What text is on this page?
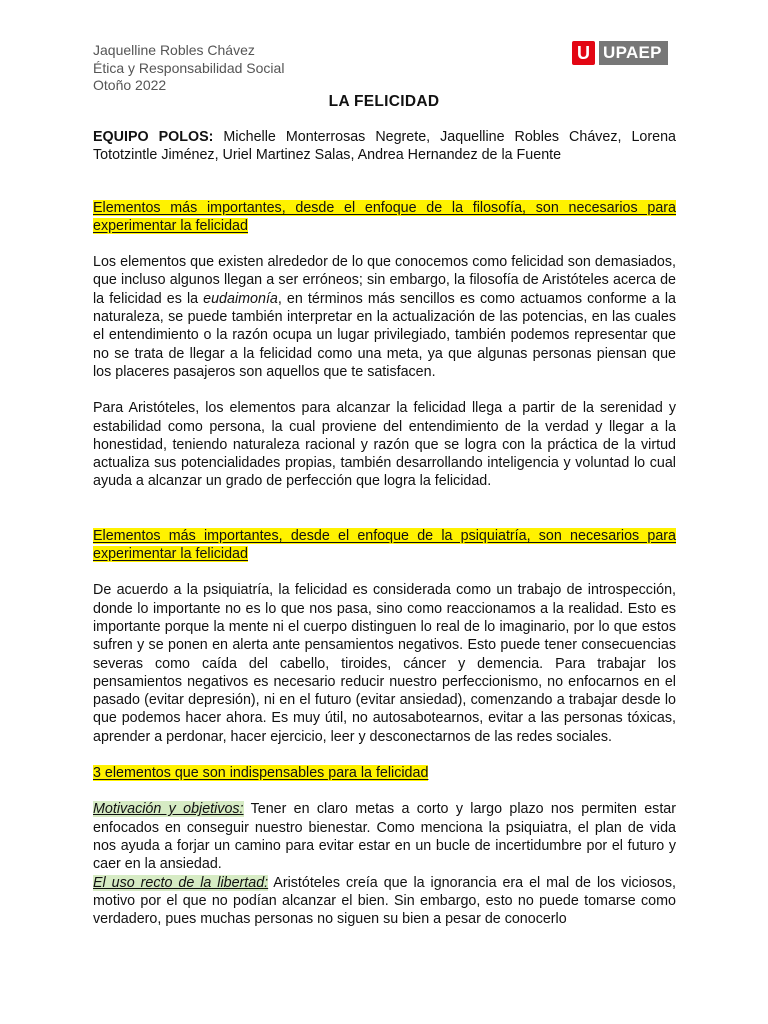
Jaquelline Robles Chávez
Ética y Responsabilidad Social
Otoño 2022
U UPAEP
LA FELICIDAD

EQUIPO POLOS: Michelle Monterrosas Negrete, Jaquelline Robles Chávez, Lorena Tototzintle Jiménez, Uriel Martinez Salas, Andrea Hernandez de la Fuente

Elementos más importantes, desde el enfoque de la filosofía, son necesarios para experimentar la felicidad

Los elementos que existen alrededor de lo que conocemos como felicidad son demasiados, que incluso algunos llegan a ser erróneos; sin embargo, la filosofía de Aristóteles acerca de la felicidad es la eudaimonía, en términos más sencillos es como actuamos conforme a la naturaleza, se puede también interpretar en la actualización de las potencias, en las cuales el entendimiento o la razón ocupa un lugar privilegiado, también podemos representar que no se trata de llegar a la felicidad como una meta, ya que algunas personas piensan que los placeres pasajeros son aquellos que te satisfacen.

Para Aristóteles, los elementos para alcanzar la felicidad llega a partir de la serenidad y estabilidad como persona, la cual proviene del entendimiento de la verdad y llegar a la honestidad, teniendo naturaleza racional y razón que se logra con la práctica de la virtud actualiza sus potencialidades propias, también desarrollando inteligencia y voluntad lo cual ayuda a alcanzar un grado de perfección que logra la felicidad.

Elementos más importantes, desde el enfoque de la psiquiatría, son necesarios para experimentar la felicidad

De acuerdo a la psiquiatría, la felicidad es considerada como un trabajo de introspección, donde lo importante no es lo que nos pasa, sino como reaccionamos a la realidad. Esto es importante porque la mente ni el cuerpo distinguen lo real de lo imaginario, por lo que estos sufren y se ponen en alerta ante pensamientos negativos. Esto puede tener consecuencias severas como caída del cabello, tiroides, cáncer y demencia. Para trabajar los pensamientos negativos es necesario reducir nuestro perfeccionismo, no enfocarnos en el pasado (evitar depresión), ni en el futuro (evitar ansiedad), comenzando a trabajar desde lo que podemos hacer ahora. Es muy útil, no autosabotearnos, evitar a las personas tóxicas, aprender a perdonar, hacer ejercicio, leer y desconectarnos de las redes sociales.

3 elementos que son indispensables para la felicidad

Motivación y objetivos: Tener en claro metas a corto y largo plazo nos permiten estar enfocados en conseguir nuestro bienestar. Como menciona la psiquiatra, el plan de vida nos ayuda a forjar un camino para evitar estar en un bucle de incertidumbre por el futuro y caer en la ansiedad.

El uso recto de la libertad: Aristóteles creía que la ignorancia era el mal de los viciosos, motivo por el que no podían alcanzar el bien. Sin embargo, esto no puede tomarse como verdadero, pues muchas personas no siguen su bien a pesar de conocerlo
